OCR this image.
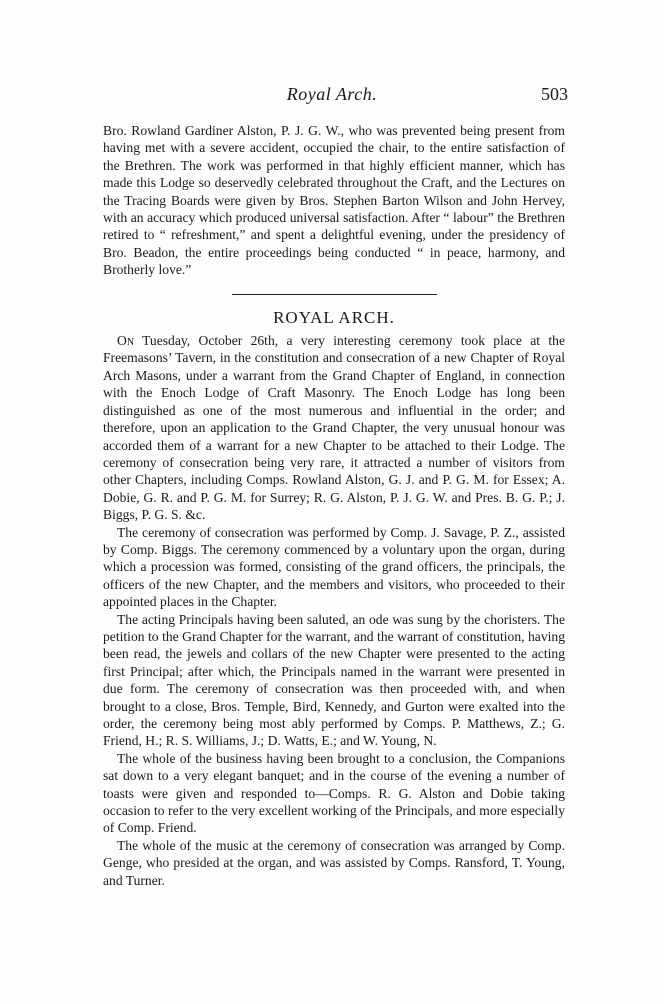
Royal Arch.	503

Bro. Rowland Gardiner Alston, P. J. G. W., who was prevented being present from having met with a severe accident, occupied the chair, to the entire satisfaction of the Brethren. The work was performed in that highly efficient manner, which has made this Lodge so deservedly celebrated throughout the Craft, and the Lectures on the Tracing Boards were given by Bros. Stephen Barton Wilson and John Hervey, with an accuracy which produced universal satisfaction. After “ labour” the Brethren retired to “ refreshment,” and spent a delightful evening, under the presidency of Bro. Beadon, the entire proceedings being conducted “ in peace, harmony, and Brotherly love.”

ROYAL ARCH.

On Tuesday, October 26th, a very interesting ceremony took place at the Freemasons’ Tavern, in the constitution and consecration of a new Chapter of Royal Arch Masons, under a warrant from the Grand Chapter of England, in connection with the Enoch Lodge of Craft Masonry. The Enoch Lodge has long been distinguished as one of the most numerous and influential in the order; and therefore, upon an application to the Grand Chapter, the very unusual honour was accorded them of a warrant for a new Chapter to be attached to their Lodge. The ceremony of consecration being very rare, it attracted a number of visitors from other Chapters, including Comps. Rowland Alston, G. J. and P. G. M. for Essex; A. Dobie, G. R. and P. G. M. for Surrey; R. G. Alston, P. J. G. W. and Pres. B. G. P.; J. Biggs, P. G. S. &c.

The ceremony of consecration was performed by Comp. J. Savage, P. Z., assisted by Comp. Biggs. The ceremony commenced by a voluntary upon the organ, during which a procession was formed, consisting of the grand officers, the principals, the officers of the new Chapter, and the members and visitors, who proceeded to their appointed places in the Chapter.

The acting Principals having been saluted, an ode was sung by the choristers. The petition to the Grand Chapter for the warrant, and the warrant of constitution, having been read, the jewels and collars of the new Chapter were presented to the acting first Principal; after which, the Principals named in the warrant were presented in due form. The ceremony of consecration was then proceeded with, and when brought to a close, Bros. Temple, Bird, Kennedy, and Gurton were exalted into the order, the ceremony being most ably performed by Comps. P. Matthews, Z.; G. Friend, H.; R. S. Williams, J.; D. Watts, E.; and W. Young, N.

The whole of the business having been brought to a conclusion, the Companions sat down to a very elegant banquet; and in the course of the evening a number of toasts were given and responded to—Comps. R. G. Alston and Dobie taking occasion to refer to the very excellent working of the Principals, and more especially of Comp. Friend.

The whole of the music at the ceremony of consecration was arranged by Comp. Genge, who presided at the organ, and was assisted by Comps. Ransford, T. Young, and Turner.
